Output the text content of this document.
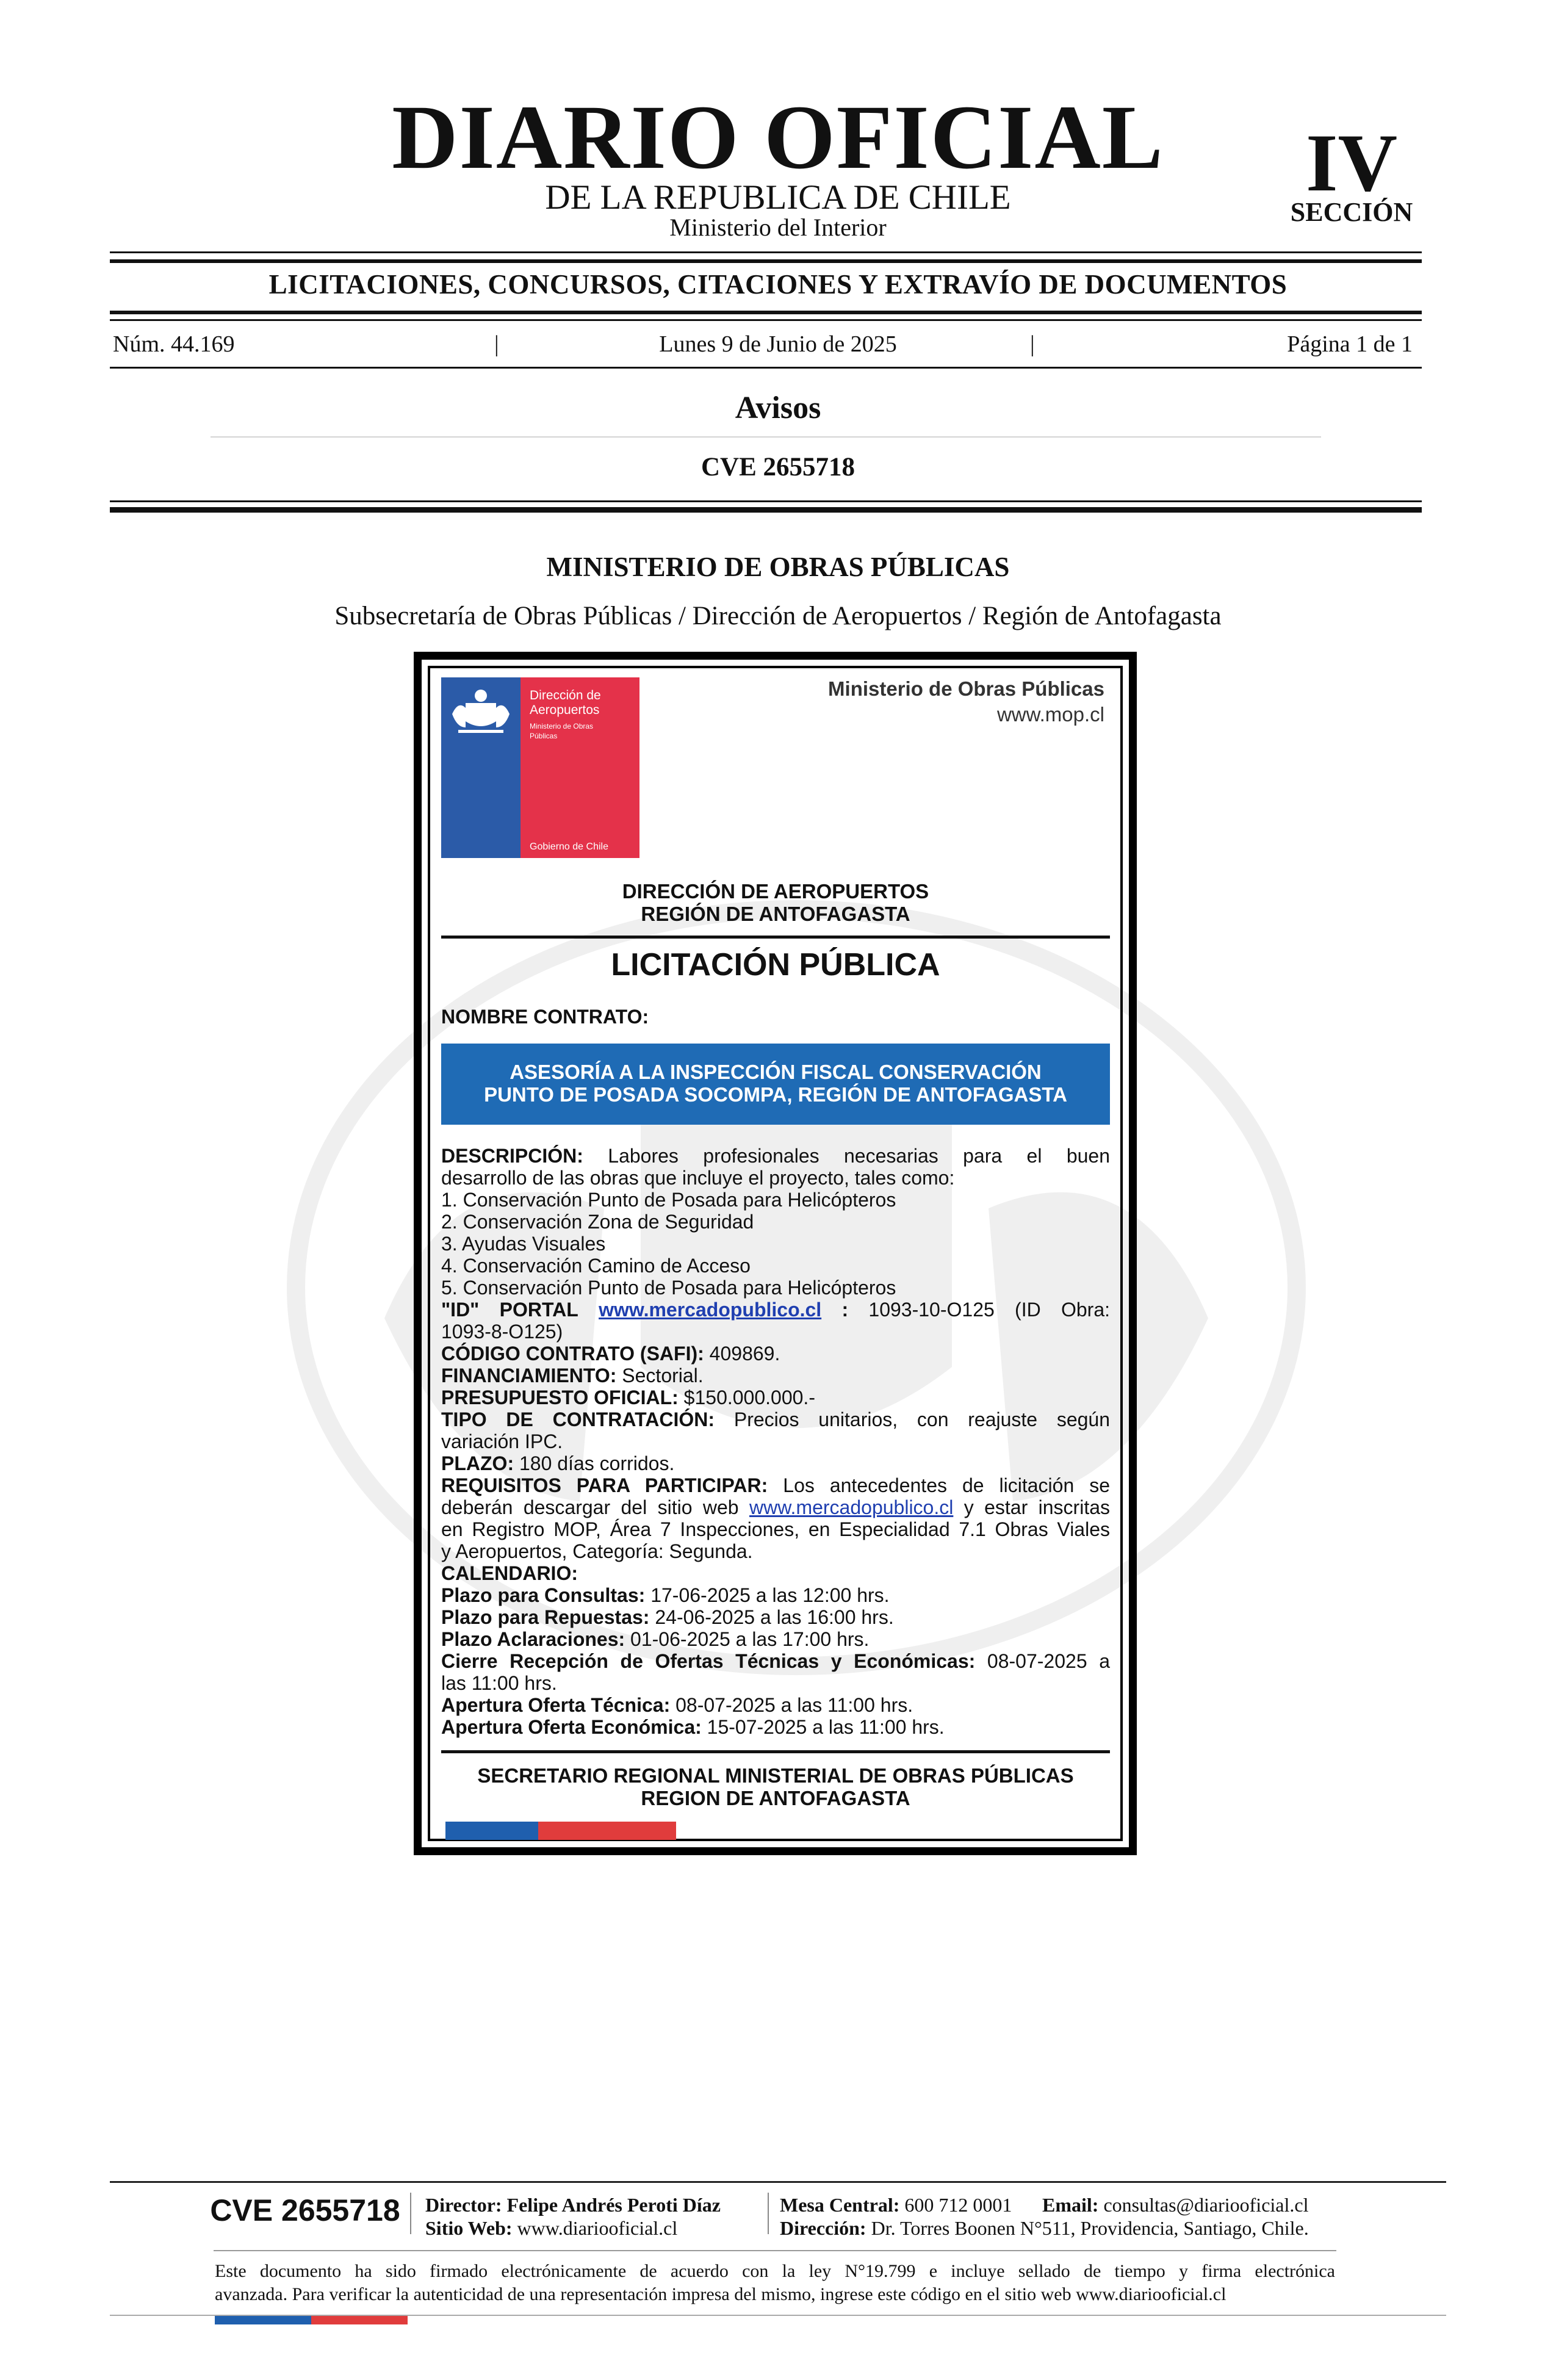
DIARIO OFICIAL
DE LA REPUBLICA DE CHILE
Ministerio del Interior
IV
SECCIÓN
LICITACIONES, CONCURSOS, CITACIONES Y EXTRAVÍO DE DOCUMENTOS
Núm. 44.169	|	Lunes 9 de Junio de 2025	|	Página 1 de 1
Avisos
CVE 2655718
MINISTERIO DE OBRAS PÚBLICAS
Subsecretaría de Obras Públicas / Dirección de Aeropuertos / Región de Antofagasta
Dirección de
Aeropuertos
Ministerio de Obras
Públicas
Gobierno de Chile
Ministerio de Obras Públicas
www.mop.cl
DIRECCIÓN DE AEROPUERTOS
REGIÓN DE ANTOFAGASTA
LICITACIÓN PÚBLICA
NOMBRE CONTRATO:
ASESORÍA A LA INSPECCIÓN FISCAL CONSERVACIÓN
PUNTO DE POSADA SOCOMPA, REGIÓN DE ANTOFAGASTA
DESCRIPCIÓN: Labores profesionales necesarias para el buen
desarrollo de las obras que incluye el proyecto, tales como:
1. Conservación Punto de Posada para Helicópteros
2. Conservación Zona de Seguridad
3. Ayudas Visuales
4. Conservación Camino de Acceso
5. Conservación Punto de Posada para Helicópteros
"ID" PORTAL www.mercadopublico.cl : 1093-10-O125 (ID Obra:
1093-8-O125)
CÓDIGO CONTRATO (SAFI): 409869.
FINANCIAMIENTO: Sectorial.
PRESUPUESTO OFICIAL: $150.000.000.-
TIPO DE CONTRATACIÓN: Precios unitarios, con reajuste según
variación IPC.
PLAZO: 180 días corridos.
REQUISITOS PARA PARTICIPAR: Los antecedentes de licitación se
deberán descargar del sitio web www.mercadopublico.cl y estar inscritas
en Registro MOP, Área 7 Inspecciones, en Especialidad 7.1 Obras Viales
y Aeropuertos, Categoría: Segunda.
CALENDARIO:
Plazo para Consultas: 17-06-2025 a las 12:00 hrs.
Plazo para Repuestas: 24-06-2025 a las 16:00 hrs.
Plazo Aclaraciones: 01-06-2025 a las 17:00 hrs.
Cierre Recepción de Ofertas Técnicas y Económicas: 08-07-2025 a
las 11:00 hrs.
Apertura Oferta Técnica: 08-07-2025 a las 11:00 hrs.
Apertura Oferta Económica: 15-07-2025 a las 11:00 hrs.
SECRETARIO REGIONAL MINISTERIAL DE OBRAS PÚBLICAS
REGION DE ANTOFAGASTA
CVE 2655718 Director: Felipe Andrés Peroti Díaz
Sitio Web: www.diariooficial.cl
Mesa Central: 600 712 0001 Email: consultas@diariooficial.cl
Dirección: Dr. Torres Boonen N°511, Providencia, Santiago, Chile.
Este documento ha sido firmado electrónicamente de acuerdo con la ley N°19.799 e incluye sellado de tiempo y firma electrónica
avanzada. Para verificar la autenticidad de una representación impresa del mismo, ingrese este código en el sitio web www.diariooficial.cl
